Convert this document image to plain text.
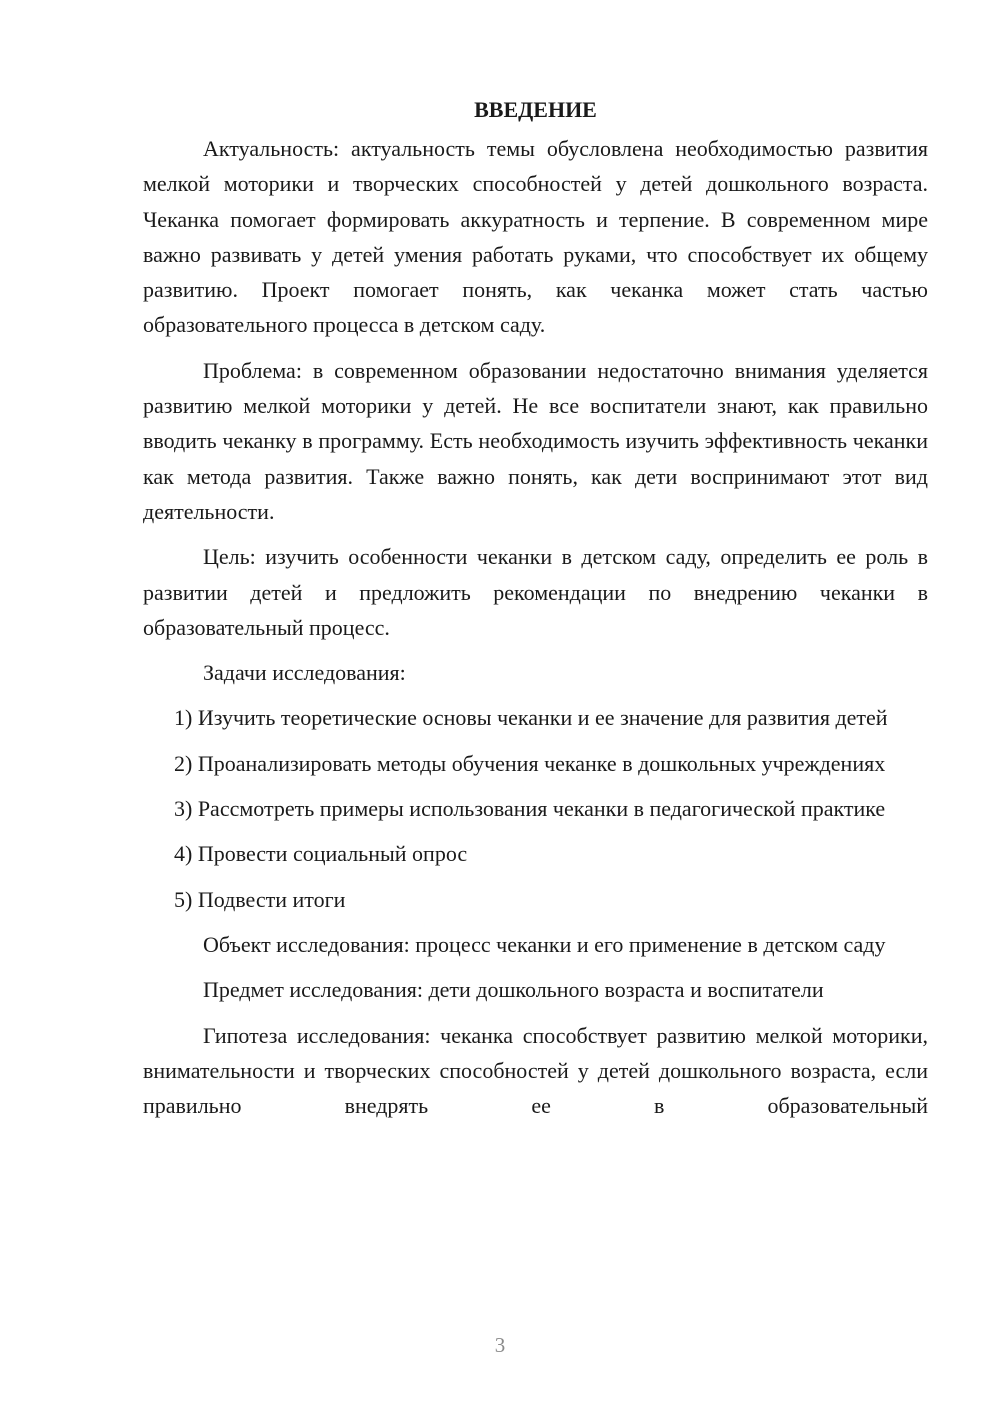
ВВЕДЕНИЕ

Актуальность: актуальность темы обусловлена необходимостью развития мелкой моторики и творческих способностей у детей дошкольного возраста. Чеканка помогает формировать аккуратность и терпение. В современном мире важно развивать у детей умения работать руками, что способствует их общему развитию. Проект помогает понять, как чеканка может стать частью образовательного процесса в детском саду.

Проблема: в современном образовании недостаточно внимания уделяется развитию мелкой моторики у детей. Не все воспитатели знают, как правильно вводить чеканку в программу. Есть необходимость изучить эффективность чеканки как метода развития. Также важно понять, как дети воспринимают этот вид деятельности.

Цель: изучить особенности чеканки в детском саду, определить ее роль в развитии детей и предложить рекомендации по внедрению чеканки в образовательный процесс.

Задачи исследования:

1) Изучить теоретические основы чеканки и ее значение для развития детей

2) Проанализировать методы обучения чеканке в дошкольных учреждениях

3) Рассмотреть примеры использования чеканки в педагогической практике

4) Провести социальный опрос

5) Подвести итоги

Объект исследования: процесс чеканки и его применение в детском саду

Предмет исследования: дети дошкольного возраста и воспитатели

Гипотеза исследования: чеканка способствует развитию мелкой моторики, внимательности и творческих способностей у детей дошкольного возраста, если правильно внедрять ее в образовательный

3
